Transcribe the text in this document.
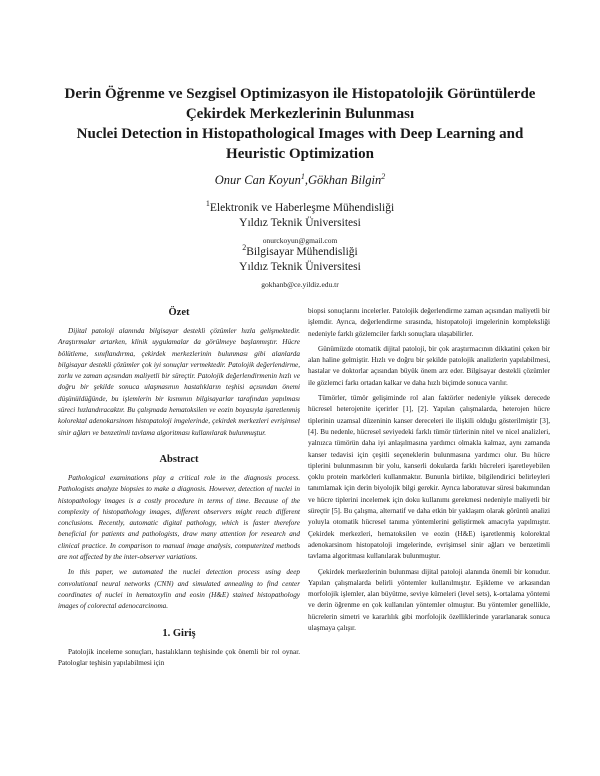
Derin Öğrenme ve Sezgisel Optimizasyon ile Histopatolojik Görüntülerde

Çekirdek Merkezlerinin Bulunması

Nuclei Detection in Histopathological Images with Deep Learning and

Heuristic Optimization

Onur Can Koyun$^1$,Gökhan Bilgin$^2$
$^1$Elektronik ve Haberleşme Mühendisliği
Yıldız Teknik Üniversitesi
onurckoyun@gmail.com
$^2$Bilgisayar Mühendisliği
Yıldız Teknik Üniversitesi
gokhanb@ce.yildiz.edu.tr
Özet

Dijital patoloji alanında bilgisayar destekli çözümler hızla gelişmektedir. Araştırmalar artarken, klinik uygulamalar da görülmeye başlanmıştır. Hücre bölütleme, sınıflandırma, çekirdek merkezlerinin bulunması gibi alanlarda bilgisayar destekli çözümler çok iyi sonuçlar vermektedir. Patolojik değerlendirme, zorlu ve zaman açısından maliyetli bir süreçtir. Patolojik değerlendirmenin hızlı ve doğru bir şekilde sonuca ulaşmasının hastalıkların teşhisi açısından önemi düşünüldüğünde, bu işlemlerin bir kısmının bilgisayarlar tarafından yapılması süreci hızlandıracaktır. Bu çalışmada hematoksilen ve eozin boyasıyla işaretlenmiş kolorektal adenokarsinom histopatoloji imgelerinde, çekirdek merkezleri evrişimsel sinir ağları ve benzetimli tavlama algoritması kullanılarak bulunmuştur.

Abstract

Pathological examinations play a critical role in the diagnosis process. Pathologists analyze biopsies to make a diagnosis. However, detection of nuclei in histopathology images is a costly procedure in terms of time. Because of the complexity of histopathology images, different observers might reach different conclusions. Recently, automatic digital pathology, which is faster therefore beneficial for patients and pathologists, draw many attention for research and clinical practice. In comparison to manual image analysis, computerized methods are not affected by the inter-observer variations.

In this paper, we automated the nuclei detection process using deep convolutional neural networks (CNN) and simulated annealing to find center coordinates of nuclei in hematoxylin and eosin (H&E) stained histopathology images of colorectal adenocarcinoma.

1. Giriş

Patolojik inceleme sonuçları, hastalıkların teşhisinde çok önemli bir rol oynar. Patologlar teşhisin yapılabilmesi için

biopsi sonuçlarını incelerler. Patolojik değerlendirme zaman açısından maliyetli bir işlemdir. Ayrıca, değerlendirme sırasında, histopatoloji imgelerinin kompleksliği nedeniyle farklı gözlemciler farklı sonuçlara ulaşabilirler.

Günümüzde otomatik dijital patoloji, bir çok araştırmacının dikkatini çeken bir alan haline gelmiştir. Hızlı ve doğru bir şekilde patolojik analizlerin yapılabilmesi, hastalar ve doktorlar açısından büyük önem arz eder. Bilgisayar destekli çözümler ile gözlemci farkı ortadan kalkar ve daha hızlı biçimde sonuca varılır.

Tümörler, tümör gelişiminde rol alan faktörler nedeniyle yüksek derecede hücresel heterojenite içerirler [1], [2]. Yapılan çalışmalarda, heterojen hücre tiplerinin uzamsal düzeninin kanser dereceleri ile ilişkili olduğu gösterilmiştir [3], [4]. Bu nedenle, hücresel seviyedeki farklı tümör türlerinin nitel ve nicel analizleri, yalnızca tümörün daha iyi anlaşılmasına yardımcı olmakla kalmaz, aynı zamanda kanser tedavisi için çeşitli seçeneklerin bulunmasına yardımcı olur. Bu hücre tiplerini bulunmasının bir yolu, kanserli dokularda farklı hücreleri işaretleyebilen çoklu protein markörleri kullanmaktır. Bununla birlikte, bilgilendirici belirleyleri tanımlamak için derin biyolojik bilgi gerekir. Ayrıca laboratuvar süresi bakımından ve hücre tiplerini incelemek için doku kullanımı gerekmesi nedeniyle maliyetli bir süreçtir [5]. Bu çalışma, alternatif ve daha etkin bir yaklaşım olarak görüntü analizi yoluyla otomatik hücresel tanıma yöntemlerini geliştirmek amacıyla yapılmıştır. Çekirdek merkezleri, hematoksilen ve eozin (H&E) işaretlenmiş kolorektal adenokarsinom histopatoloji imgelerinde, evrişimsel sinir ağları ve benzetimli tavlama algoritması kullanılarak bulunmuştur.

Çekirdek merkezlerinin bulunması dijital patoloji alanında önemli bir konudur. Yapılan çalışmalarda belirli yöntemler kullanılmıştır. Eşikleme ve arkasından morfolojik işlemler, alan büyütme, seviye kümeleri (level sets), k-ortalama yöntemi ve derin öğrenme en çok kullanılan yöntemler olmuştur. Bu yöntemler genellikle, hücrelerin simetri ve kararlılık gibi morfolojik özelliklerinde yararlanarak sonuca ulaşmaya çalışır.
